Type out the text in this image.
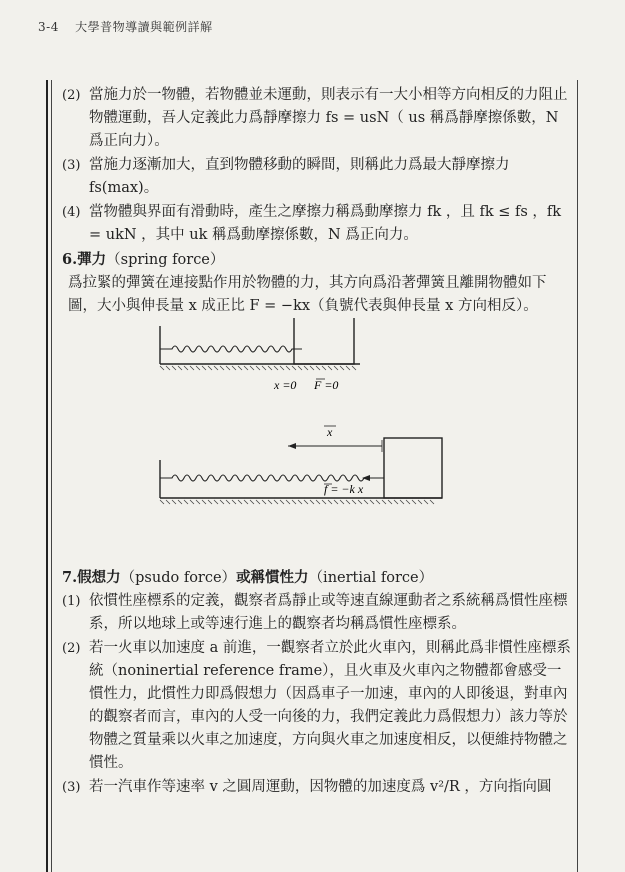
3-4 大學普物導讀與範例詳解
(2) 當施力於一物體，若物體並未運動，則表示有一大小相等方向相反的力阻止物體運動，吾人定義此力爲靜摩擦力 fs = usN（ us 稱爲靜摩擦係數，N 爲正向力）。
(3) 當施力逐漸加大，直到物體移動的瞬間，則稱此力爲最大靜摩擦力 fs(max)。
(4) 當物體與界面有滑動時，產生之摩擦力稱爲動摩擦力 fk ，且 fk ≤ fs ，fk = ukN ，其中 uk 稱爲動摩擦係數，N 爲正向力。
6.彈力（spring force）
爲拉緊的彈簧在連接點作用於物體的力，其方向爲沿著彈簧且離開物體如下圖，大小與伸長量 x 成正比 F = −kx（負號代表與伸長量 x 方向相反）。
x =0 F =0
x
f = −k x
7.假想力（psudo force）或稱慣性力（inertial force）
(1) 依慣性座標系的定義，觀察者爲靜止或等速直線運動者之系統稱爲慣性座標系，所以地球上或等速行進上的觀察者均稱爲慣性座標系。
(2) 若一火車以加速度 a 前進，一觀察者立於此火車內，則稱此爲非慣性座標系統（noninertial reference frame），且火車及火車內之物體都會感受一慣性力，此慣性力即爲假想力（因爲車子一加速，車內的人即後退，對車內的觀察者而言，車內的人受一向後的力，我們定義此力爲假想力）該力等於物體之質量乘以火車之加速度，方向與火車之加速度相反，以便維持物體之慣性。
(3) 若一汽車作等速率 v 之圓周運動，因物體的加速度爲 v²/R ，方向指向圓
